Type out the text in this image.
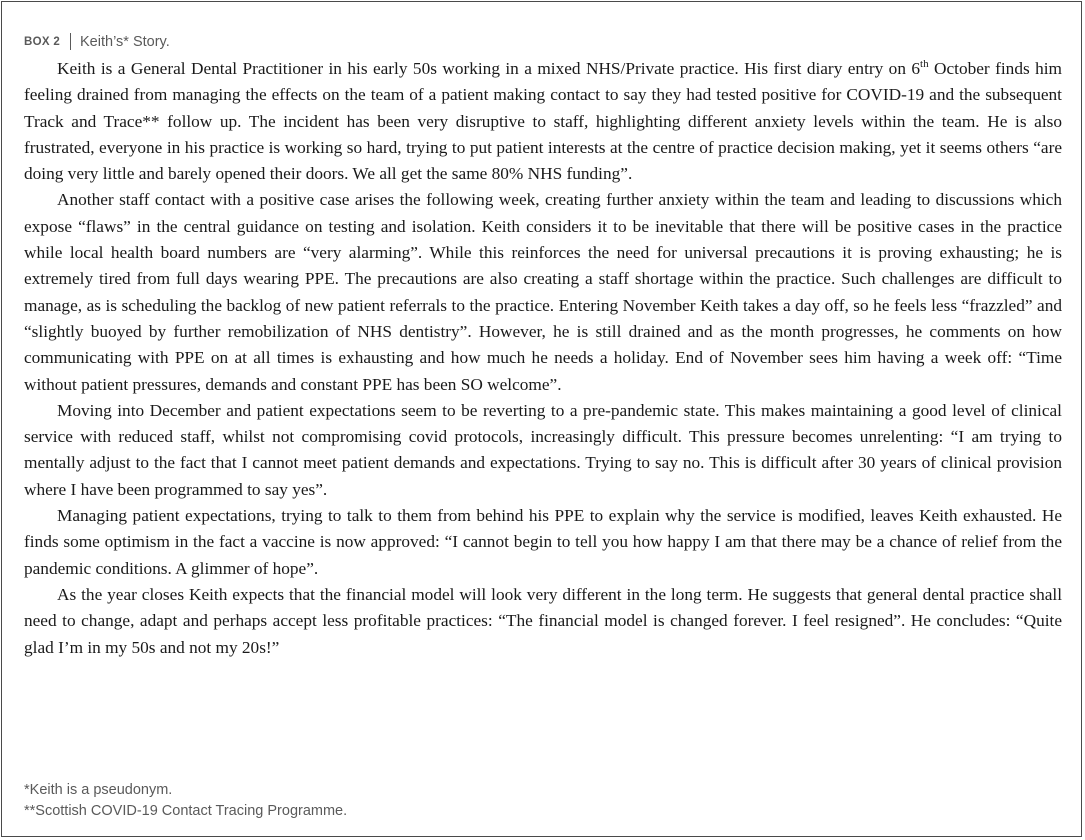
BOX 2 Keith’s* Story.

Keith is a General Dental Practitioner in his early 50s working in a mixed NHS/Private practice. His first diary entry on 6th October finds him feeling drained from managing the effects on the team of a patient making contact to say they had tested positive for COVID-19 and the subsequent Track and Trace** follow up. The incident has been very disruptive to staff, highlighting different anxiety levels within the team. He is also frustrated, everyone in his practice is working so hard, trying to put patient interests at the centre of practice decision making, yet it seems others “are doing very little and barely opened their doors. We all get the same 80% NHS funding”.

Another staff contact with a positive case arises the following week, creating further anxiety within the team and leading to discussions which expose “flaws” in the central guidance on testing and isolation. Keith considers it to be inevitable that there will be positive cases in the practice while local health board numbers are “very alarming”. While this reinforces the need for universal precautions it is proving exhausting; he is extremely tired from full days wearing PPE. The precautions are also creating a staff shortage within the practice. Such challenges are difficult to manage, as is scheduling the backlog of new patient referrals to the practice. Entering November Keith takes a day off, so he feels less “frazzled” and “slightly buoyed by further remobilization of NHS dentistry”. However, he is still drained and as the month progresses, he comments on how communicating with PPE on at all times is exhausting and how much he needs a holiday. End of November sees him having a week off: “Time without patient pressures, demands and constant PPE has been SO welcome”.

Moving into December and patient expectations seem to be reverting to a pre-pandemic state. This makes maintaining a good level of clinical service with reduced staff, whilst not compromising covid protocols, increasingly difficult. This pressure becomes unrelenting: “I am trying to mentally adjust to the fact that I cannot meet patient demands and expectations. Trying to say no. This is difficult after 30 years of clinical provision where I have been programmed to say yes”.

Managing patient expectations, trying to talk to them from behind his PPE to explain why the service is modified, leaves Keith exhausted. He finds some optimism in the fact a vaccine is now approved: “I cannot begin to tell you how happy I am that there may be a chance of relief from the pandemic conditions. A glimmer of hope”.

As the year closes Keith expects that the financial model will look very different in the long term. He suggests that general dental practice shall need to change, adapt and perhaps accept less profitable practices: “The financial model is changed forever. I feel resigned”. He concludes: “Quite glad I’m in my 50s and not my 20s!”

*Keith is a pseudonym.
**Scottish COVID-19 Contact Tracing Programme.
